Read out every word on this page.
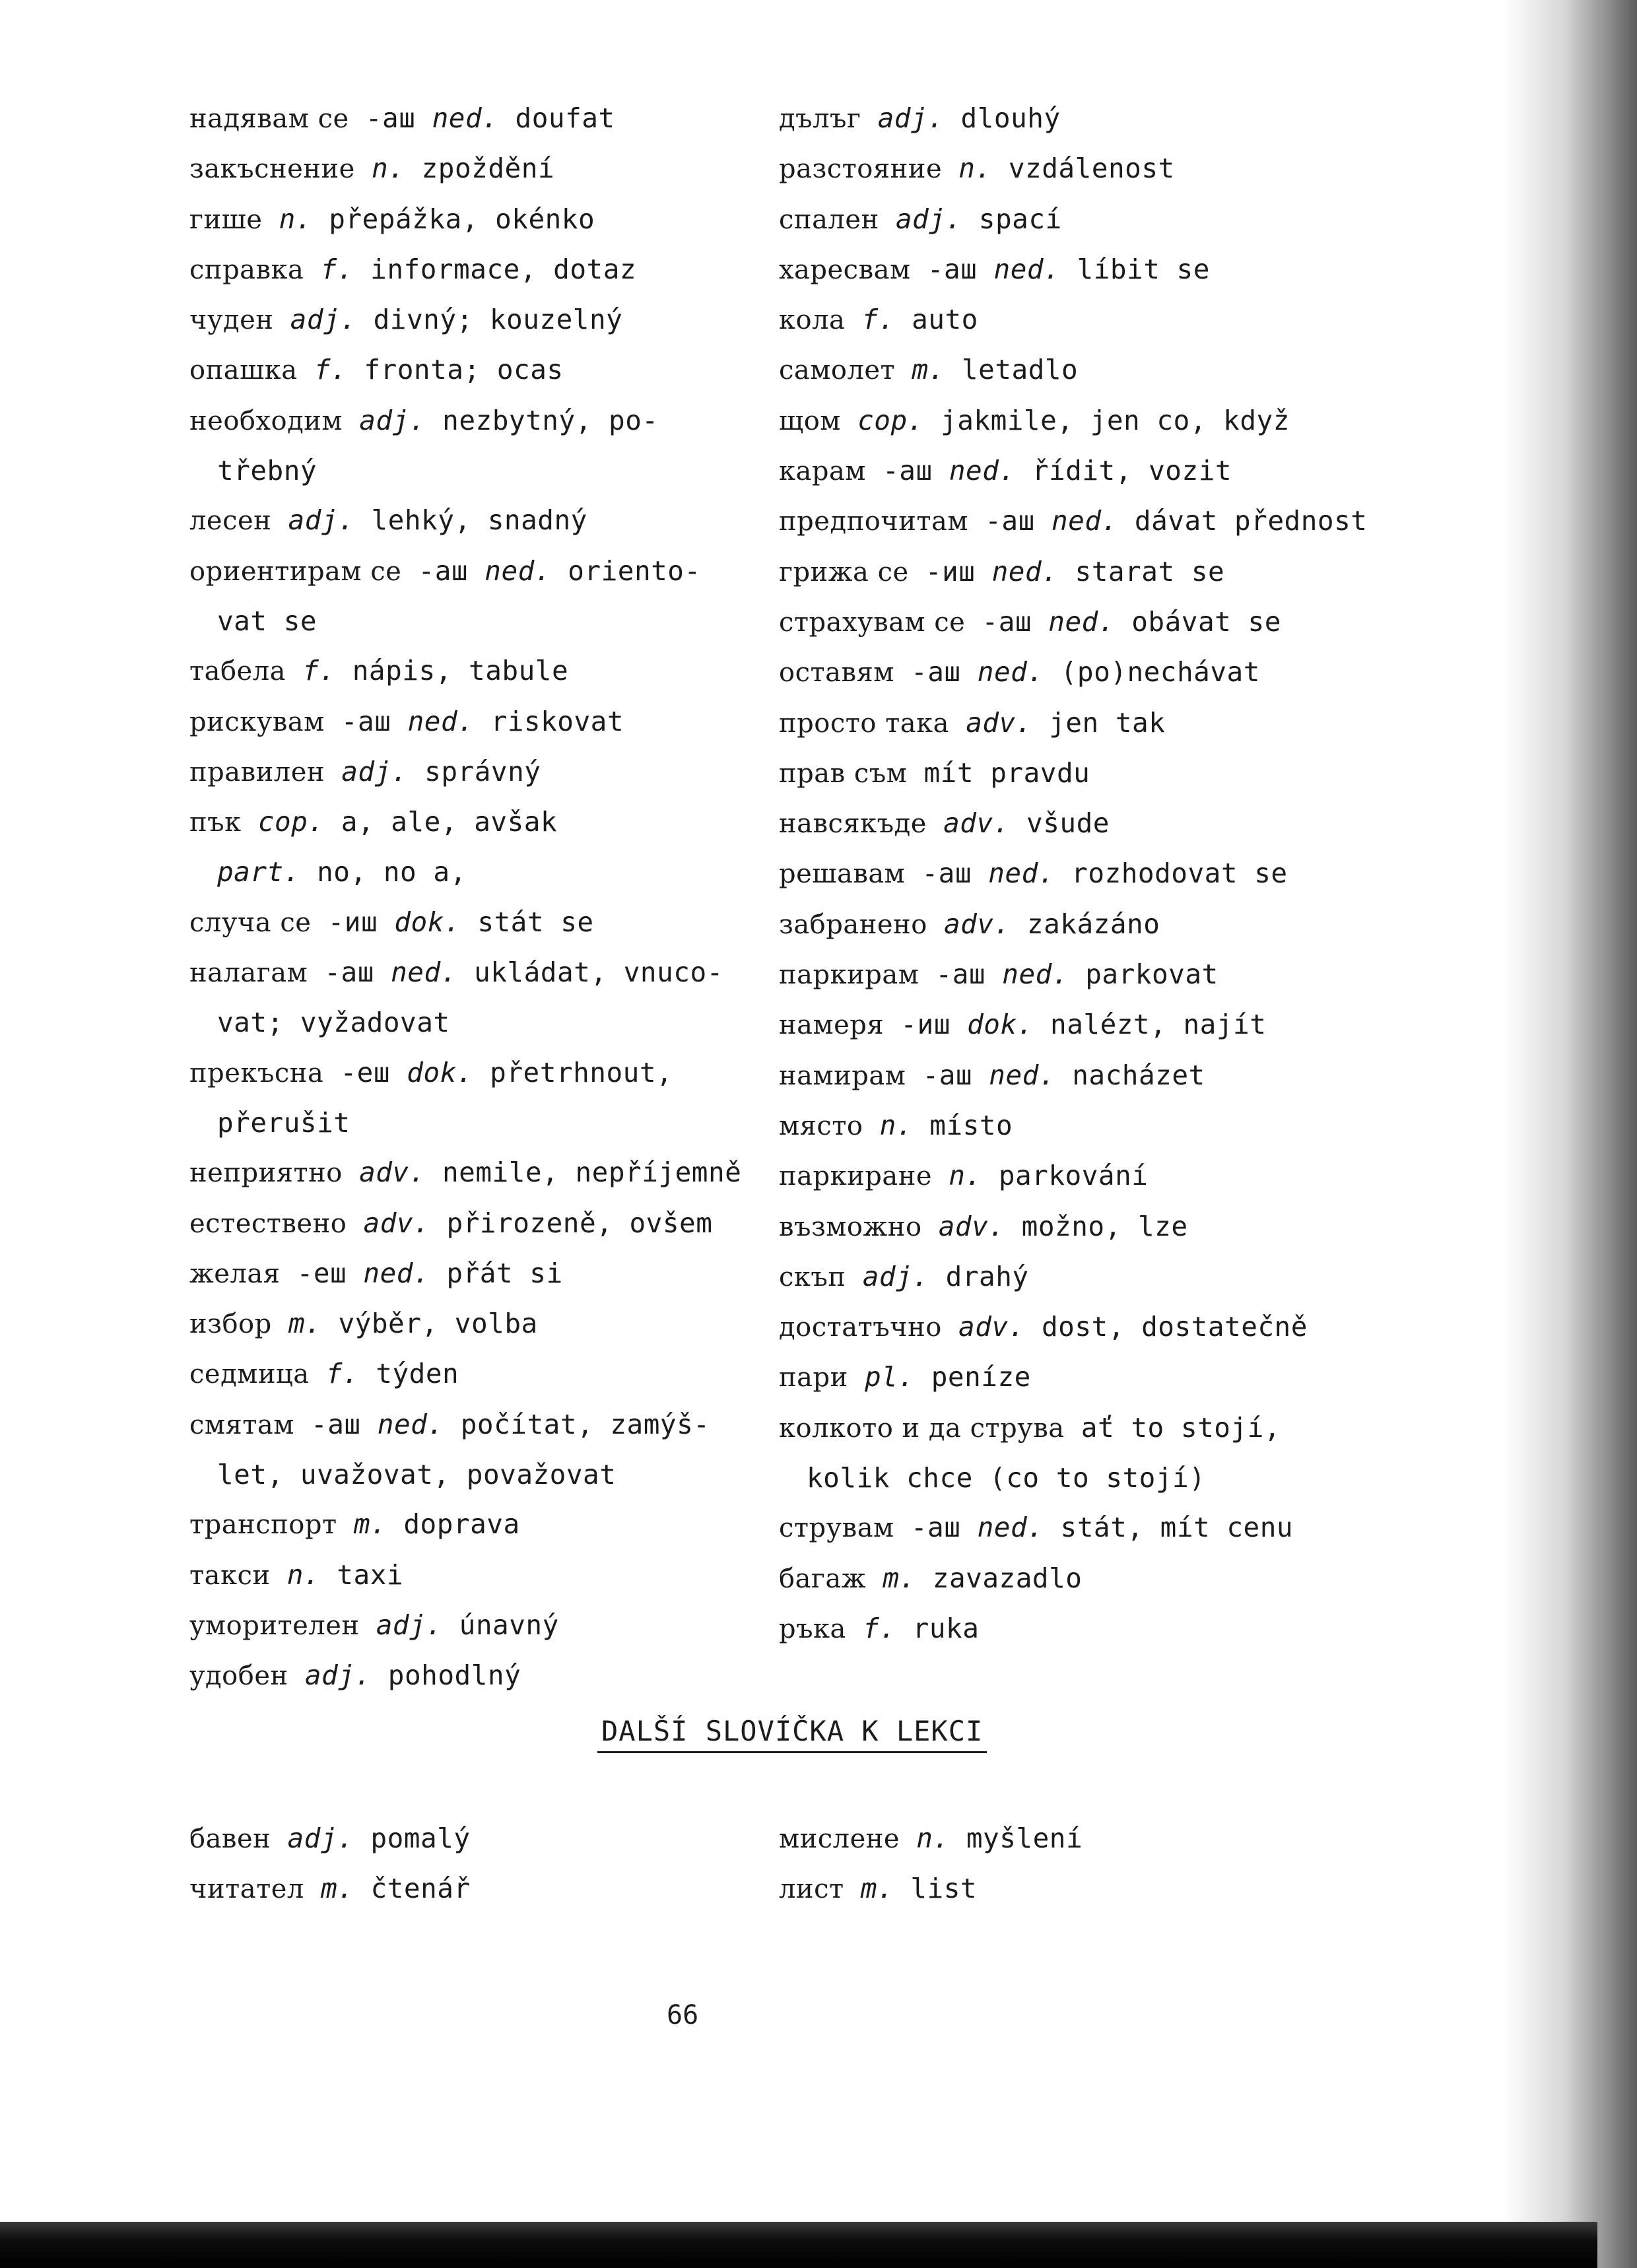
надявам се -аш ned. doufat
закъснение n. zpoždění
гише n. přepážka, okénko
справка f. informace, dotaz
чуден adj. divný; kouzelný
опашка f. fronta; ocas
необходим adj. nezbytný, po-
třebný
лесен adj. lehký, snadný
ориентирам се -аш ned. oriento-
vat se
табела f. nápis, tabule
рискувам -аш ned. riskovat
правилен adj. správný
пък cop. a, ale, avšak
part. no, no a,
случа се -иш dok. stát se
налагам -аш ned. ukládat, vnuco-
vat; vyžadovat
прекъсна -еш dok. přetrhnout,
přerušit
неприятно adv. nemile, nepříjemně
естествено adv. přirozeně, ovšem
желая -еш ned. přát si
избор m. výběr, volba
седмица f. týden
смятам -аш ned. počítat, zamýš-
let, uvažovat, považovat
транспорт m. doprava
такси n. taxi
уморителен adj. únavný
удобен adj. pohodlný
дълъг adj. dlouhý
разстояние n. vzdálenost
спален adj. spací
харесвам -аш ned. líbit se
кола f. auto
самолет m. letadlo
щом cop. jakmile, jen co, když
карам -аш ned. řídit, vozit
предпочитам -аш ned. dávat přednost
грижа се -иш ned. starat se
страхувам се -аш ned. obávat se
оставям -аш ned. (po)nechávat
просто така adv. jen tak
прав съм mít pravdu
навсякъде adv. všude
решавам -аш ned. rozhodovat se
забранено adv. zakázáno
паркирам -аш ned. parkovat
намеря -иш dok. nalézt, najít
намирам -аш ned. nacházet
място n. místo
паркиране n. parkování
възможно adv. možno, lze
скъп adj. drahý
достатъчно adv. dost, dostatečně
пари pl. peníze
колкото и да струва ať to stojí,
kolik chce (co to stojí)
струвам -аш ned. stát, mít cenu
багаж m. zavazadlo
ръка f. ruka
DALŠÍ SLOVÍČKA K LEKCI
бавен adj. pomalý
читател m. čtenář
мислене n. myšlení
лист m. list
66
